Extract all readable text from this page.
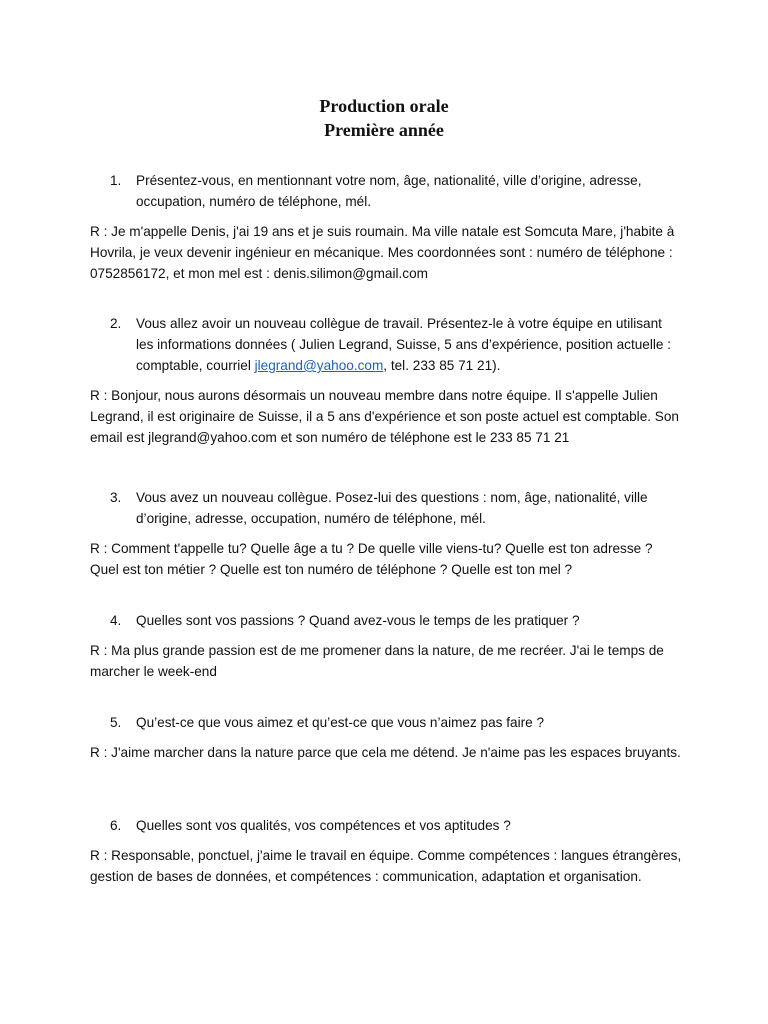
Production orale
Première année
1.	Présentez-vous, en mentionnant votre nom, âge, nationalité, ville d’origine, adresse, occupation, numéro de téléphone, mél.
R : Je m'appelle Denis, j'ai 19 ans et je suis roumain. Ma ville natale est Somcuta Mare, j'habite à Hovrila, je veux devenir ingénieur en mécanique. Mes coordonnées sont : numéro de téléphone : 0752856172, et mon mel est : denis.silimon@gmail.com
2.	Vous allez avoir un nouveau collègue de travail. Présentez-le à votre équipe en utilisant les informations données ( Julien Legrand, Suisse, 5 ans d’expérience, position actuelle : comptable, courriel jlegrand@yahoo.com, tel. 233 85 71 21).
R : Bonjour, nous aurons désormais un nouveau membre dans notre équipe. Il s'appelle Julien Legrand, il est originaire de Suisse, il a 5 ans d'expérience et son poste actuel est comptable. Son email est jlegrand@yahoo.com et son numéro de téléphone est le 233 85 71 21
3.	Vous avez un nouveau collègue. Posez-lui des questions : nom, âge, nationalité, ville d’origine, adresse, occupation, numéro de téléphone, mél.
R : Comment t'appelle tu? Quelle âge a tu ? De quelle ville viens-tu? Quelle est ton adresse ? Quel est ton métier ? Quelle est ton numéro de téléphone ? Quelle est ton mel ?
4.	Quelles sont vos passions ? Quand avez-vous le temps de les pratiquer ?
R : Ma plus grande passion est de me promener dans la nature, de me recréer. J'ai le temps de marcher le week-end
5.	Qu’est-ce que vous aimez et qu’est-ce que vous n’aimez pas faire ?
R : J'aime marcher dans la nature parce que cela me détend. Je n'aime pas les espaces bruyants.
6.	Quelles sont vos qualités, vos compétences et vos aptitudes ?
R : Responsable, ponctuel, j'aime le travail en équipe. Comme compétences : langues étrangères, gestion de bases de données, et compétences : communication, adaptation et organisation.
